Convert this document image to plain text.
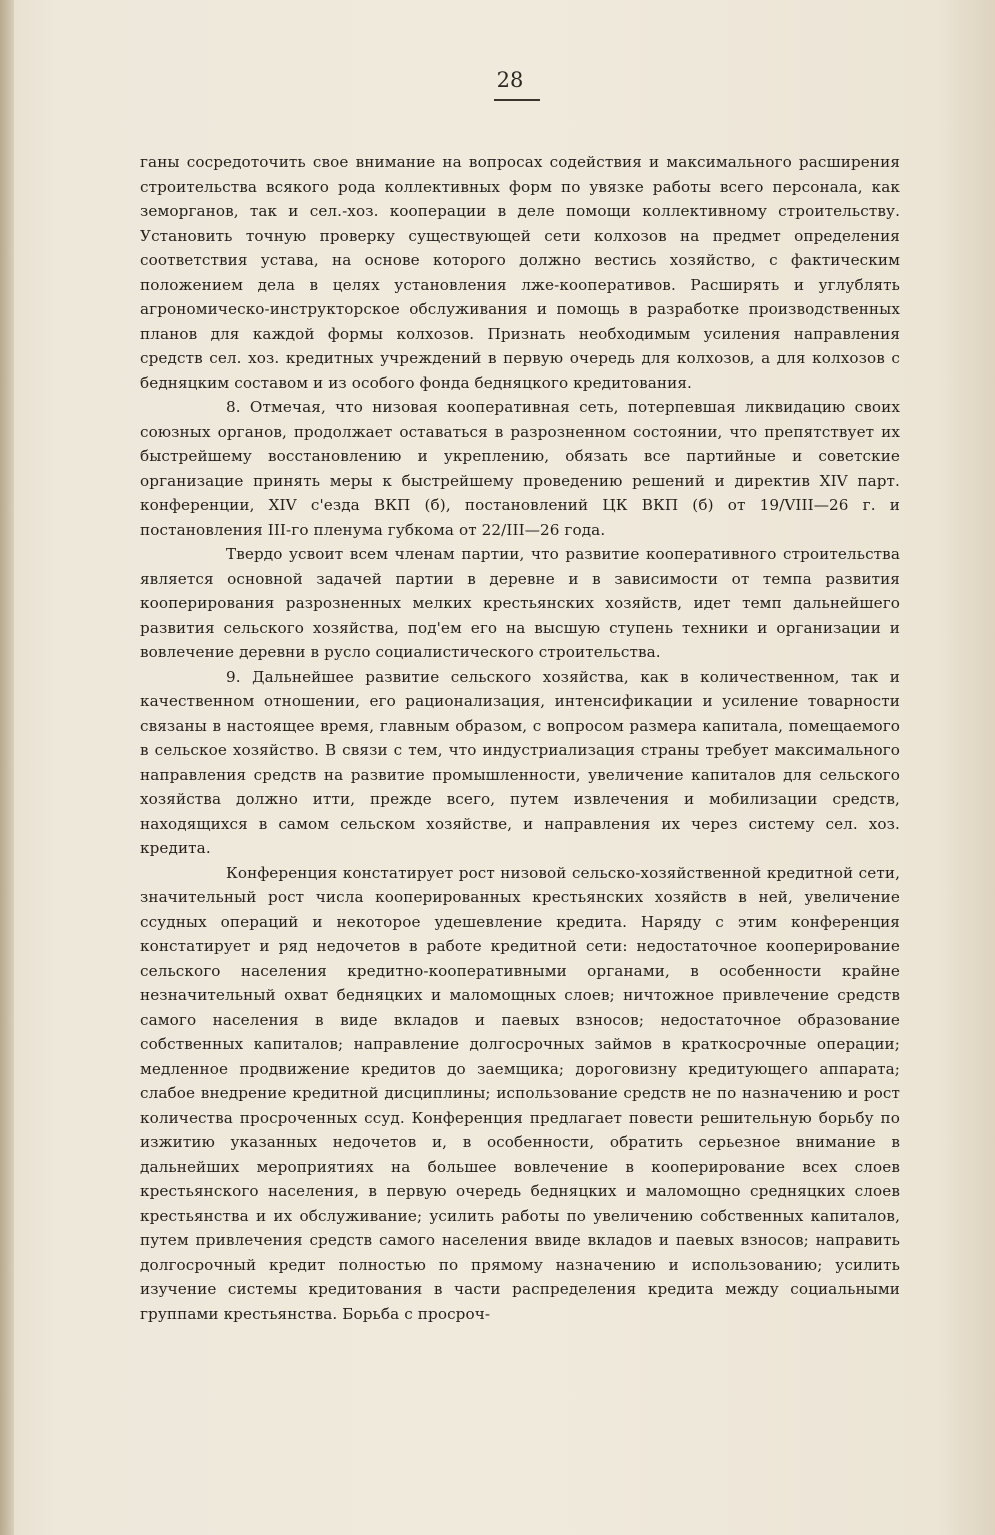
28

ганы сосредоточить свое внимание на вопросах содействия и максимального расширения строительства всякого рода коллективных форм по увязке работы всего персонала, как земорганов, так и сел.-хоз. кооперации в деле помощи коллективному строительству. Установить точную проверку существующей сети колхозов на предмет определения соответствия устава, на основе которого должно вестись хозяйство, с фактическим положением дела в целях установления лже-кооперативов. Расширять и углублять агрономическо-инструкторское обслуживания и помощь в разработке производственных планов для каждой формы колхозов. Признать необходимым усиления направления средств сел. хоз. кредитных учреждений в первую очередь для колхозов, а для колхозов с бедняцким составом и из особого фонда бедняцкого кредитования.

8. Отмечая, что низовая кооперативная сеть, потерпевшая ликвидацию своих союзных органов, продолжает оставаться в разрозненном состоянии, что препятствует их быстрейшему восстановлению и укреплению, обязать все партийные и советские организацие принять меры к быстрейшему проведению решений и директив XIV парт. конференции, XIV с'езда ВКП (б), постановлений ЦК ВКП (б) от 19/VIII—26 г. и постановления III-го пленума губкома от 22/III—26 года.

Твердо усвоит всем членам партии, что развитие кооперативного строительства является основной задачей партии в деревне и в зависимости от темпа развития кооперирования разрозненных мелких крестьянских хозяйств, идет темп дальнейшего развития сельского хозяйства, под'ем его на высшую ступень техники и организации и вовлечение деревни в русло социалистического строительства.

9. Дальнейшее развитие сельского хозяйства, как в количественном, так и качественном отношении, его рационализация, интенсификации и усиление товарности связаны в настоящее время, главным образом, с вопросом размера капитала, помещаемого в сельское хозяйство. В связи с тем, что индустриализация страны требует максимального направления средств на развитие промышленности, увеличение капиталов для сельского хозяйства должно итти, прежде всего, путем извлечения и мобилизации средств, находящихся в самом сельском хозяйстве, и направления их через систему сел. хоз. кредита.

Конференция констатирует рост низовой сельско-хозяйственной кредитной сети, значительный рост числа кооперированных крестьянских хозяйств в ней, увеличение ссудных операций и некоторое удешевление кредита. Наряду с этим конференция констатирует и ряд недочетов в работе кредитной сети: недостаточное кооперирование сельского населения кредитно-кооперативными органами, в особенности крайне незначительный охват бедняцких и маломощных слоев; ничтожное привлечение средств самого населения в виде вкладов и паевых взносов; недостаточное образование собственных капиталов; направление долгосрочных займов в краткосрочные операции; медленное продвижение кредитов до заемщика; дороговизну кредитующего аппарата; слабое внедрение кредитной дисциплины; использование средств не по назначению и рост количества просроченных ссуд. Конференция предлагает повести решительную борьбу по изжитию указанных недочетов и, в особенности, обратить серьезное внимание в дальнейших мероприятиях на большее вовлечение в кооперирование всех слоев крестьянского населения, в первую очередь бедняцких и маломощно средняцких слоев крестьянства и их обслуживание; усилить работы по увеличению собственных капиталов, путем привлечения средств самого населения ввиде вкладов и паевых взносов; направить долгосрочный кредит полностью по прямому назначению и использованию; усилить изучение системы кредитования в части распределения кредита между социальными группами крестьянства. Борьба с просроч-
